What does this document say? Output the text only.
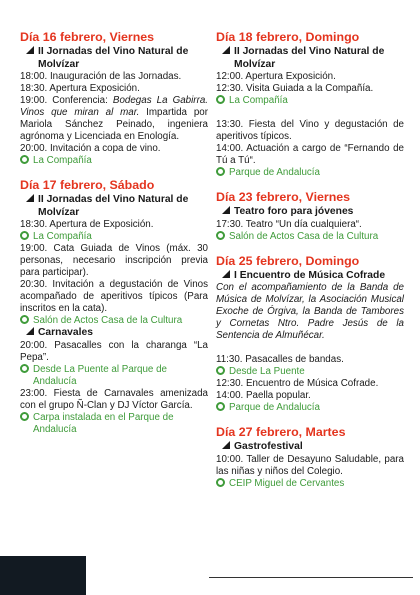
Día 16 febrero, Viernes
II Jornadas del Vino Natural de Molvízar
18:00. Inauguración de las Jornadas.
18:30. Apertura Exposición.
19:00. Conferencia: Bodegas La Gabirra. Vinos que miran al mar. Impartida por Mariola Sánchez Peinado, ingeniera agrónoma y Licenciada en Enología.
20:00. Invitación a copa de vino.
La Compañía
Día 17 febrero, Sábado
II Jornadas del Vino Natural de Molvízar
18:30. Apertura de Exposición.
La Compañía
19:00. Cata Guiada de Vinos (máx. 30 personas, necesario inscripción previa para participar).
20:30. Invitación a degustación de Vinos acompañado de aperitivos típicos (Para inscritos en la cata).
Salón de Actos Casa de la Cultura
Carnavales
20:00. Pasacalles con la charanga “La Pepa”.
Desde La Puente al Parque de Andalucía
23:00. Fiesta de Carnavales amenizada con el grupo Ñ-Clan y DJ Víctor García.
Carpa instalada en el Parque de Andalucía
Día 18 febrero, Domingo
II Jornadas del Vino Natural de Molvízar
12:00. Apertura Exposición.
12:30. Visita Guiada a la Compañía.
La Compañía
13:30. Fiesta del Vino y degustación de aperitivos típicos.
14:00. Actuación a cargo de “Fernando de Tú a Tú“.
Parque de Andalucía
Día 23 febrero, Viernes
Teatro foro para jóvenes
17:30. Teatro “Un día cualquiera“.
Salón de Actos Casa de la Cultura
Día 25 febrero, Domingo
I Encuentro de Música Cofrade
Con el acompañamiento de la Banda de Música de Molvízar, la Asociación Musical Exoche de Órgiva, la Banda de Tambores y Cornetas Ntro. Padre Jesús de la Sentencia de Almuñécar.
11:30. Pasacalles de bandas.
Desde La Puente
12:30. Encuentro de Música Cofrade.
14:00. Paella popular.
Parque de Andalucía
Día 27 febrero, Martes
Gastrofestival
10:00. Taller de Desayuno Saludable, para las niñas y niños del Colegio.
CEIP Miguel de Cervantes
